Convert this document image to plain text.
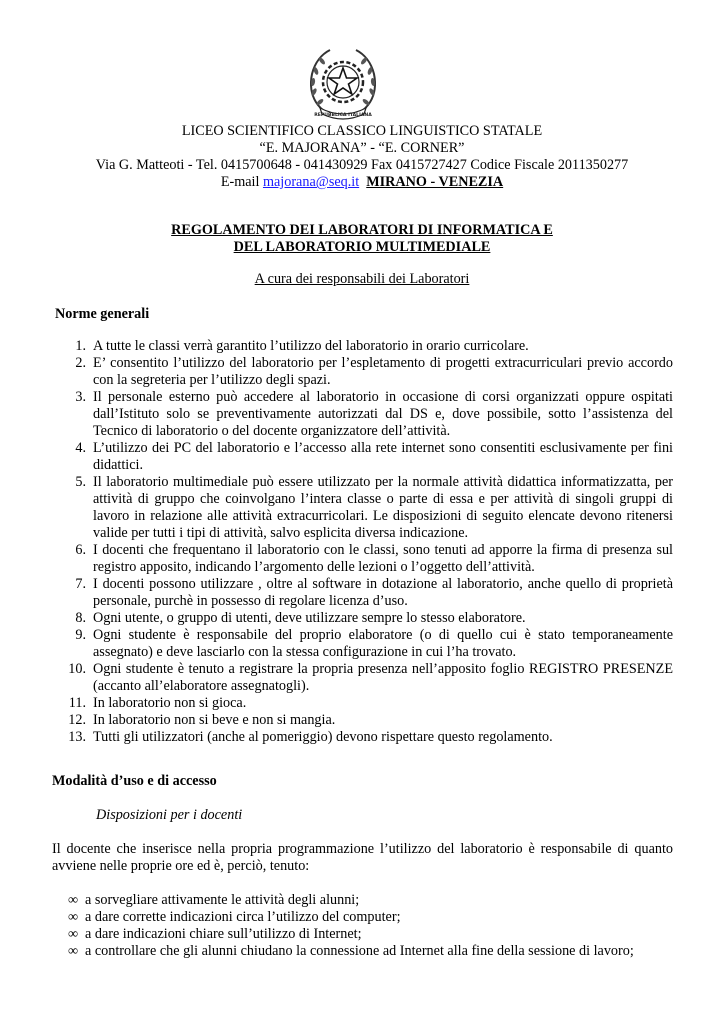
REPUBBLICA ITALIANA
LICEO SCIENTIFICO CLASSICO LINGUISTICO STATALE
“E. MAJORANA” - “E. CORNER”
Via G. Matteoti - Tel. 0415700648 - 041430929 Fax 0415727427 Codice Fiscale 2011350277
E-mail majorana@seq.it MIRANO - VENEZIA
REGOLAMENTO DEI LABORATORI DI INFORMATICA E
DEL LABORATORIO MULTIMEDIALE
A cura dei responsabili dei Laboratori
Norme generali
1. A tutte le classi verrà garantito l’utilizzo del laboratorio in orario curricolare.
2. E’ consentito l’utilizzo del laboratorio per l’espletamento di progetti extracurriculari previo accordo con la segreteria per l’utilizzo degli spazi.
3. Il personale esterno può accedere al laboratorio in occasione di corsi organizzati oppure ospitati dall’Istituto solo se preventivamente autorizzati dal DS e, dove possibile, sotto l’assistenza del Tecnico di laboratorio o del docente organizzatore dell’attività.
4. L’utilizzo dei PC del laboratorio e l’accesso alla rete internet sono consentiti esclusivamente per fini didattici.
5. Il laboratorio multimediale può essere utilizzato per la normale attività didattica informatizzatta, per attività di gruppo che coinvolgano l’intera classe o parte di essa e per attività di singoli gruppi di lavoro in relazione alle attività extracurricolari. Le disposizioni di seguito elencate devono ritenersi valide per tutti i tipi di attività, salvo esplicita diversa indicazione.
6. I docenti che frequentano il laboratorio con le classi, sono tenuti ad apporre la firma di presenza sul registro apposito, indicando l’argomento delle lezioni o l’oggetto dell’attività.
7. I docenti possono utilizzare , oltre al software in dotazione al laboratorio, anche quello di proprietà personale, purchè in possesso di regolare licenza d’uso.
8. Ogni utente, o gruppo di utenti, deve utilizzare sempre lo stesso elaboratore.
9. Ogni studente è responsabile del proprio elaboratore (o di quello cui è stato temporaneamente assegnato) e deve lasciarlo con la stessa configurazione in cui l’ha trovato.
10. Ogni studente è tenuto a registrare la propria presenza nell’apposito foglio REGISTRO PRESENZE (accanto all’elaboratore assegnatogli).
11. In laboratorio non si gioca.
12. In laboratorio non si beve e non si mangia.
13. Tutti gli utilizzatori (anche al pomeriggio) devono rispettare questo regolamento.
Modalità d’uso e di accesso
Disposizioni per i docenti
Il docente che inserisce nella propria programmazione l’utilizzo del laboratorio è responsabile di quanto avviene nelle proprie ore ed è, perciò, tenuto:
∞ a sorvegliare attivamente le attività degli alunni;
∞ a dare corrette indicazioni circa l’utilizzo del computer;
∞ a dare indicazioni chiare sull’utilizzo di Internet;
∞ a controllare che gli alunni chiudano la connessione ad Internet alla fine della sessione di lavoro;
